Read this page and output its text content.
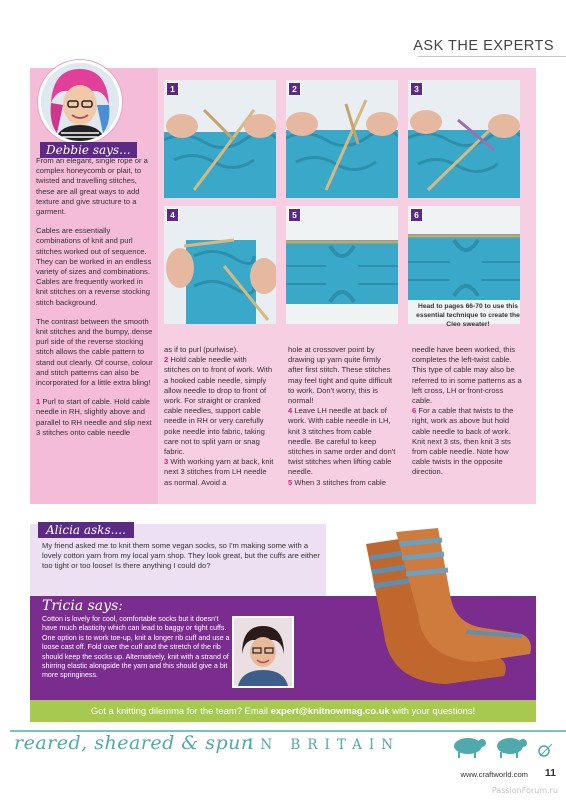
ASK THE EXPERTS
Debbie says...

From an elegant, single rope or a complex honeycomb or plait, to twisted and travelling stitches, these are all great ways to add texture and give structure to a garment.

Cables are essentially combinations of knit and purl stitches worked out of sequence. They can be worked in an endless variety of sizes and combinations. Cables are frequently worked in knit stitches on a reverse stocking stitch background.

The contrast between the smooth knit stitches and the bumpy, dense purl side of the reverse stocking stitch allows the cable pattern to stand out clearly. Of course, colour and stitch patterns can also be incorporated for a little extra bling!

1 Purl to start of cable. Hold cable needle in RH, slightly above and parallel to RH needle and slip next 3 stitches onto cable needle

1	2	3
4	5	6
Head to pages 66-70 to use this essential technique to create the Cleo sweater!

as if to purl (purlwise).

2 Hold cable needle with stitches on to front of work. With a hooked cable needle, simply allow needle to drop to front of work. For straight or cranked cable needles, support cable needle in RH or very carefully poke needle into fabric, taking care not to split yarn or snag fabric.

3 With working yarn at back, knit next 3 stitches from LH needle as normal. Avoid a

hole at crossover point by drawing up yarn quite firmly after first stitch. These stitches may feel tight and quite difficult to work. Don't worry, this is normal!

4 Leave LH needle at back of work. With cable needle in LH, knit 3 stitches from cable needle. Be careful to keep stitches in same order and don't twist stitches when lifting cable needle.

5 When 3 stitches from cable

needle have been worked, this completes the left-twist cable. This type of cable may also be referred to in some patterns as a left cross, LH or front-cross cable.

6 For a cable that twists to the right, work as above but hold cable needle to back of work. Knit next 3 sts, then knit 3 sts from cable needle. Note how cable twists in the opposite direction.

Alicia asks....
My friend asked me to knit them some vegan socks, so I'm making some with a lovely cotton yarn from my local yarn shop. They look great, but the cuffs are either too tight or too loose! Is there anything I could do?
Tricia says:
Cotton is lovely for cool, comfortable socks but it doesn't have much elasticity which can lead to baggy or tight cuffs. One option is to work toe-up, knit a longer rib cuff and use a loose cast off. Fold over the cuff and the stretch of the rib should keep the socks up. Alternatively, knit with a strand of shirring elastic alongside the yarn and this should give a bit more springiness.
Got a knitting dilemma for the team? Email expert@knitnowmag.co.uk with your questions!
reared, sheared & spun
IN BRITAIN
www.craftworld.com 11
PassionForum.ru
